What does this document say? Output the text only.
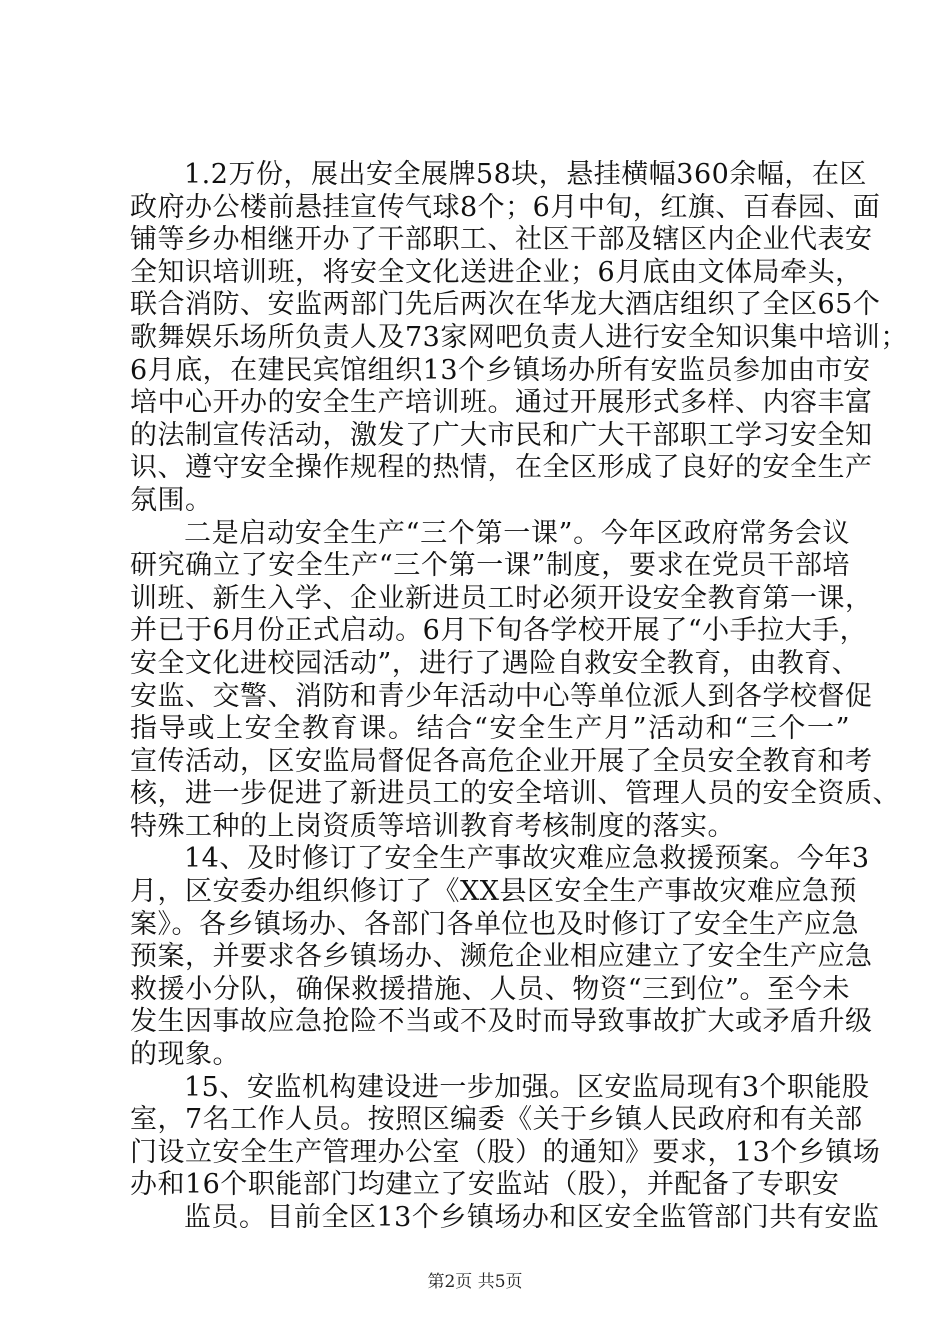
1.2万份，展出安全展牌58块，悬挂横幅360余幅，在区
政府办公楼前悬挂宣传气球8个；6月中旬，红旗、百春园、面
铺等乡办相继开办了干部职工、社区干部及辖区内企业代表安
全知识培训班，将安全文化送进企业；6月底由文体局牵头，
联合消防、安监两部门先后两次在华龙大酒店组织了全区65个
歌舞娱乐场所负责人及73家网吧负责人进行安全知识集中培训；
6月底，在建民宾馆组织13个乡镇场办所有安监员参加由市安
培中心开办的安全生产培训班。通过开展形式多样、内容丰富
的法制宣传活动，激发了广大市民和广大干部职工学习安全知
识、遵守安全操作规程的热情，在全区形成了良好的安全生产
氛围。
二是启动安全生产“三个第一课”。今年区政府常务会议
研究确立了安全生产“三个第一课”制度，要求在党员干部培
训班、新生入学、企业新进员工时必须开设安全教育第一课，
并已于6月份正式启动。6月下旬各学校开展了“小手拉大手，
安全文化进校园活动”，进行了遇险自救安全教育，由教育、
安监、交警、消防和青少年活动中心等单位派人到各学校督促
指导或上安全教育课。结合“安全生产月”活动和“三个一”
宣传活动，区安监局督促各高危企业开展了全员安全教育和考
核，进一步促进了新进员工的安全培训、管理人员的安全资质、
特殊工种的上岗资质等培训教育考核制度的落实。
14、及时修订了安全生产事故灾难应急救援预案。今年3
月，区安委办组织修订了《XX县区安全生产事故灾难应急预
案》。各乡镇场办、各部门各单位也及时修订了安全生产应急
预案，并要求各乡镇场办、濒危企业相应建立了安全生产应急
救援小分队，确保救援措施、人员、物资“三到位”。至今未
发生因事故应急抢险不当或不及时而导致事故扩大或矛盾升级
的现象。
15、安监机构建设进一步加强。区安监局现有3个职能股
室，7名工作人员。按照区编委《关于乡镇人民政府和有关部
门设立安全生产管理办公室（股）的通知》要求，13个乡镇场
办和16个职能部门均建立了安监站（股），并配备了专职安
监员。目前全区13个乡镇场办和区安全监管部门共有安监
第2页 共5页
